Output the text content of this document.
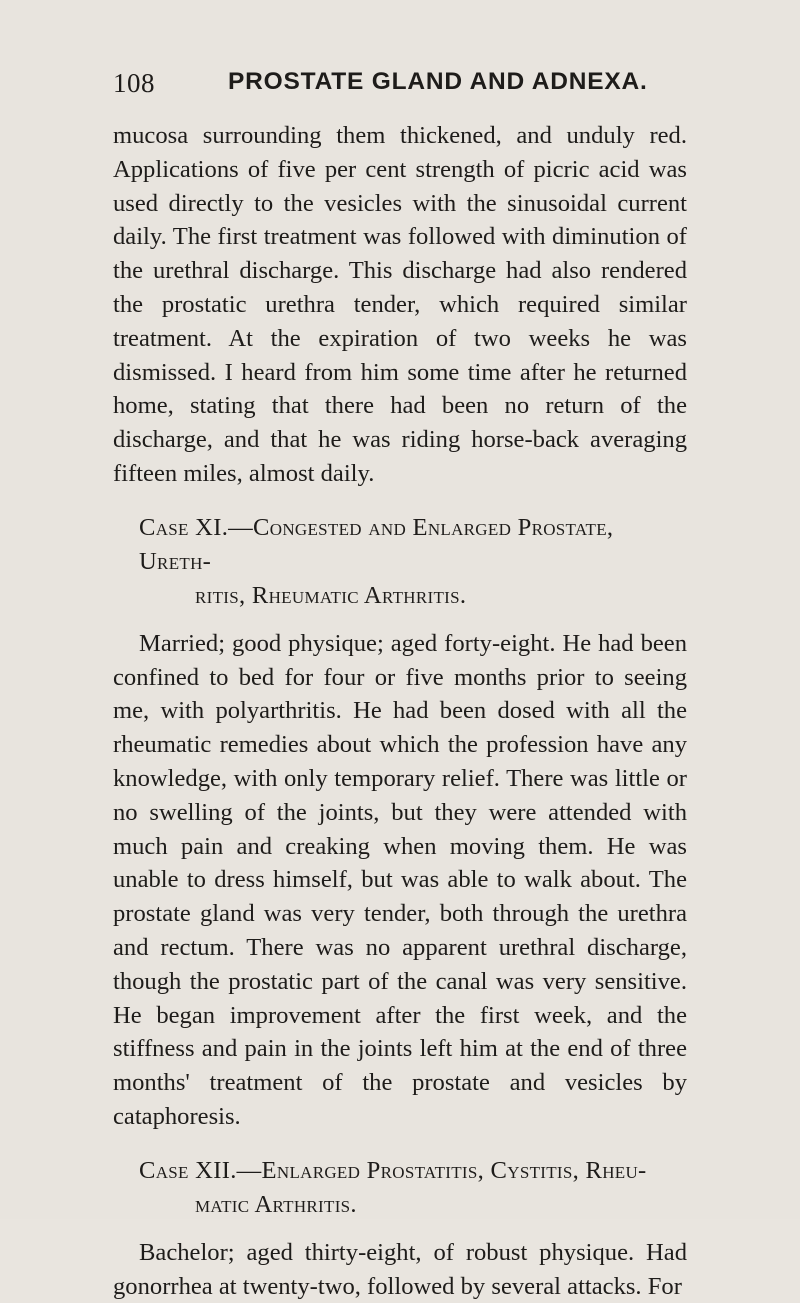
108	PROSTATE GLAND AND ADNEXA.

mucosa surrounding them thickened, and unduly red. Applications of five per cent strength of picric acid was used directly to the vesicles with the sinusoidal current daily. The first treatment was followed with diminution of the urethral discharge. This discharge had also rendered the prostatic urethra tender, which required similar treatment. At the expiration of two weeks he was dismissed. I heard from him some time after he returned home, stating that there had been no return of the discharge, and that he was riding horse-back averaging fifteen miles, almost daily.

Case XI.—Congested and Enlarged Prostate, Ureth-
ritis, Rheumatic Arthritis.

Married; good physique; aged forty-eight. He had been confined to bed for four or five months prior to seeing me, with polyarthritis. He had been dosed with all the rheumatic remedies about which the profession have any knowledge, with only temporary relief. There was little or no swelling of the joints, but they were attended with much pain and creaking when moving them. He was unable to dress himself, but was able to walk about. The prostate gland was very tender, both through the urethra and rectum. There was no apparent urethral discharge, though the prostatic part of the canal was very sensitive. He began improvement after the first week, and the stiffness and pain in the joints left him at the end of three months' treatment of the prostate and vesicles by cataphoresis.

Case XII.—Enlarged Prostatitis, Cystitis, Rheu-
matic Arthritis.

Bachelor; aged thirty-eight, of robust physique. Had gonorrhea at twenty-two, followed by several attacks. For
